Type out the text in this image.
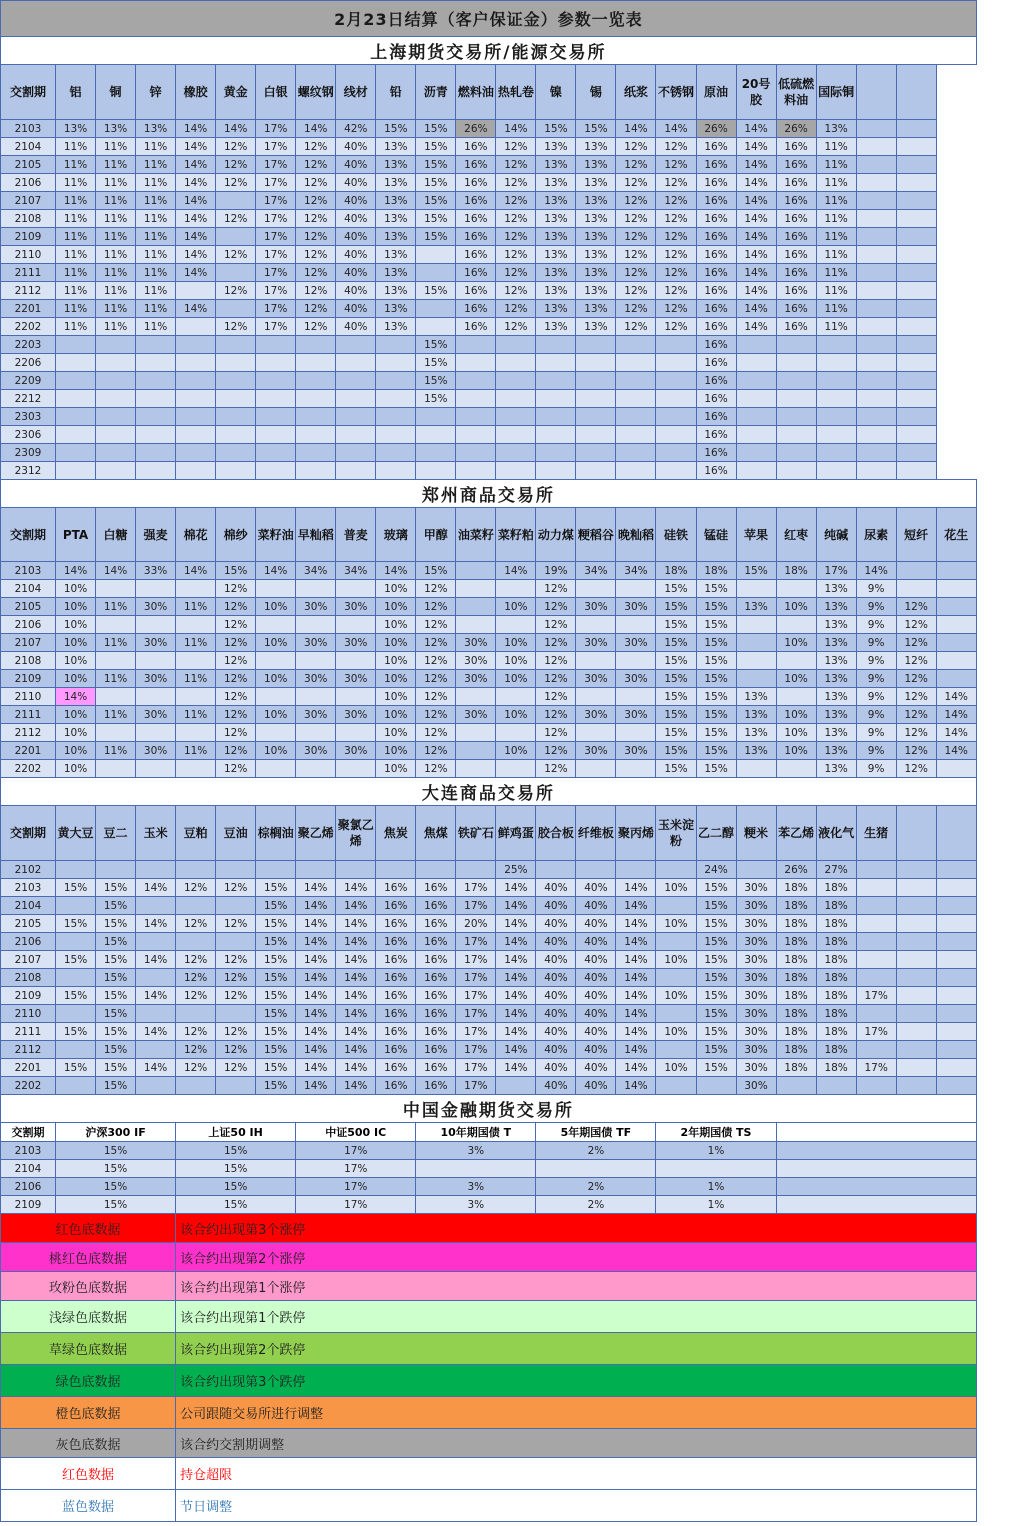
2月23日结算（客户保证金）参数一览表																							
上海期货交易所/能源交易所																							
交割期	铝	铜	锌	橡胶	黄金	白银	螺纹钢	线材	铅	沥青	燃料油	热轧卷	镍	锡	纸浆	不锈钢	原油	20号胶	低硫燃料油	国际铜			
2103	13%	13%	13%	14%	14%	17%	14%	42%	15%	15%	26%	14%	15%	15%	14%	14%	26%	14%	26%	13%			
2104	11%	11%	11%	14%	12%	17%	12%	40%	13%	15%	16%	12%	13%	13%	12%	12%	16%	14%	16%	11%			
2105	11%	11%	11%	14%	12%	17%	12%	40%	13%	15%	16%	12%	13%	13%	12%	12%	16%	14%	16%	11%			
2106	11%	11%	11%	14%	12%	17%	12%	40%	13%	15%	16%	12%	13%	13%	12%	12%	16%	14%	16%	11%			
2107	11%	11%	11%	14%		17%	12%	40%	13%	15%	16%	12%	13%	13%	12%	12%	16%	14%	16%	11%			
2108	11%	11%	11%	14%	12%	17%	12%	40%	13%	15%	16%	12%	13%	13%	12%	12%	16%	14%	16%	11%			
2109	11%	11%	11%	14%		17%	12%	40%	13%	15%	16%	12%	13%	13%	12%	12%	16%	14%	16%	11%			
2110	11%	11%	11%	14%	12%	17%	12%	40%	13%		16%	12%	13%	13%	12%	12%	16%	14%	16%	11%			
2111	11%	11%	11%	14%		17%	12%	40%	13%		16%	12%	13%	13%	12%	12%	16%	14%	16%	11%			
2112	11%	11%	11%		12%	17%	12%	40%	13%	15%	16%	12%	13%	13%	12%	12%	16%	14%	16%	11%			
2201	11%	11%	11%	14%		17%	12%	40%	13%		16%	12%	13%	13%	12%	12%	16%	14%	16%	11%			
2202	11%	11%	11%		12%	17%	12%	40%	13%		16%	12%	13%	13%	12%	12%	16%	14%	16%	11%			
2203										15%							16%						
2206										15%							16%						
2209										15%							16%						
2212										15%							16%						
2303																	16%						
2306																	16%						
2309																	16%						
2312																	16%						
郑州商品交易所																							
交割期	PTA	白糖	强麦	棉花	棉纱	菜籽油	早籼稻	普麦	玻璃	甲醇	油菜籽	菜籽粕	动力煤	粳稻谷	晚籼稻	硅铁	锰硅	苹果	红枣	纯碱	尿素	短纤	花生
2103	14%	14%	33%	14%	15%	14%	34%	34%	14%	15%		14%	19%	34%	34%	18%	18%	15%	18%	17%	14%		
2104	10%				12%				10%	12%			12%			15%	15%			13%	9%		
2105	10%	11%	30%	11%	12%	10%	30%	30%	10%	12%		10%	12%	30%	30%	15%	15%	13%	10%	13%	9%	12%	
2106	10%				12%				10%	12%			12%			15%	15%			13%	9%	12%	
2107	10%	11%	30%	11%	12%	10%	30%	30%	10%	12%	30%	10%	12%	30%	30%	15%	15%		10%	13%	9%	12%	
2108	10%				12%				10%	12%	30%	10%	12%			15%	15%			13%	9%	12%	
2109	10%	11%	30%	11%	12%	10%	30%	30%	10%	12%	30%	10%	12%	30%	30%	15%	15%		10%	13%	9%	12%	
2110	14%				12%				10%	12%			12%			15%	15%	13%		13%	9%	12%	14%
2111	10%	11%	30%	11%	12%	10%	30%	30%	10%	12%	30%	10%	12%	30%	30%	15%	15%	13%	10%	13%	9%	12%	14%
2112	10%				12%				10%	12%			12%			15%	15%	13%	10%	13%	9%	12%	14%
2201	10%	11%	30%	11%	12%	10%	30%	30%	10%	12%		10%	12%	30%	30%	15%	15%	13%	10%	13%	9%	12%	14%
2202	10%				12%				10%	12%			12%			15%	15%			13%	9%	12%	
大连商品交易所																							
交割期	黄大豆	豆二	玉米	豆粕	豆油	棕榈油	聚乙烯	聚氯乙烯	焦炭	焦煤	铁矿石	鲜鸡蛋	胶合板	纤维板	聚丙烯	玉米淀粉	乙二醇	粳米	苯乙烯	液化气	生猪		
2102												25%					24%		26%	27%			
2103	15%	15%	14%	12%	12%	15%	14%	14%	16%	16%	17%	14%	40%	40%	14%	10%	15%	30%	18%	18%			
2104		15%				15%	14%	14%	16%	16%	17%	14%	40%	40%	14%		15%	30%	18%	18%			
2105	15%	15%	14%	12%	12%	15%	14%	14%	16%	16%	20%	14%	40%	40%	14%	10%	15%	30%	18%	18%			
2106		15%				15%	14%	14%	16%	16%	17%	14%	40%	40%	14%		15%	30%	18%	18%			
2107	15%	15%	14%	12%	12%	15%	14%	14%	16%	16%	17%	14%	40%	40%	14%	10%	15%	30%	18%	18%			
2108		15%		12%	12%	15%	14%	14%	16%	16%	17%	14%	40%	40%	14%		15%	30%	18%	18%			
2109	15%	15%	14%	12%	12%	15%	14%	14%	16%	16%	17%	14%	40%	40%	14%	10%	15%	30%	18%	18%	17%		
2110		15%				15%	14%	14%	16%	16%	17%	14%	40%	40%	14%		15%	30%	18%	18%			
2111	15%	15%	14%	12%	12%	15%	14%	14%	16%	16%	17%	14%	40%	40%	14%	10%	15%	30%	18%	18%	17%		
2112		15%		12%	12%	15%	14%	14%	16%	16%	17%	14%	40%	40%	14%		15%	30%	18%	18%			
2201	15%	15%	14%	12%	12%	15%	14%	14%	16%	16%	17%	14%	40%	40%	14%	10%	15%	30%	18%	18%	17%		
2202		15%				15%	14%	14%	16%	16%	17%		40%	40%	14%			30%					
中国金融期货交易所																							
交割期	沪深300 IF			上证50 IH			中证500 IC			10年期国债 T			5年期国债 TF			2年期国债 TS							
2103	15%			15%			17%			3%			2%			1%							
2104	15%			15%			17%																
2106	15%			15%			17%			3%			2%			1%							
2109	15%			15%			17%			3%			2%			1%							
红色底数据				该合约出现第3个涨停																			
桃红色底数据				该合约出现第2个涨停																			
玫粉色底数据				该合约出现第1个涨停																			
浅绿色底数据				该合约出现第1个跌停																			
草绿色底数据				该合约出现第2个跌停																			
绿色底数据				该合约出现第3个跌停																			
橙色底数据				公司跟随交易所进行调整																			
灰色底数据				该合约交割期调整																			
红色数据				持仓超限																			
蓝色数据				节日调整																			
